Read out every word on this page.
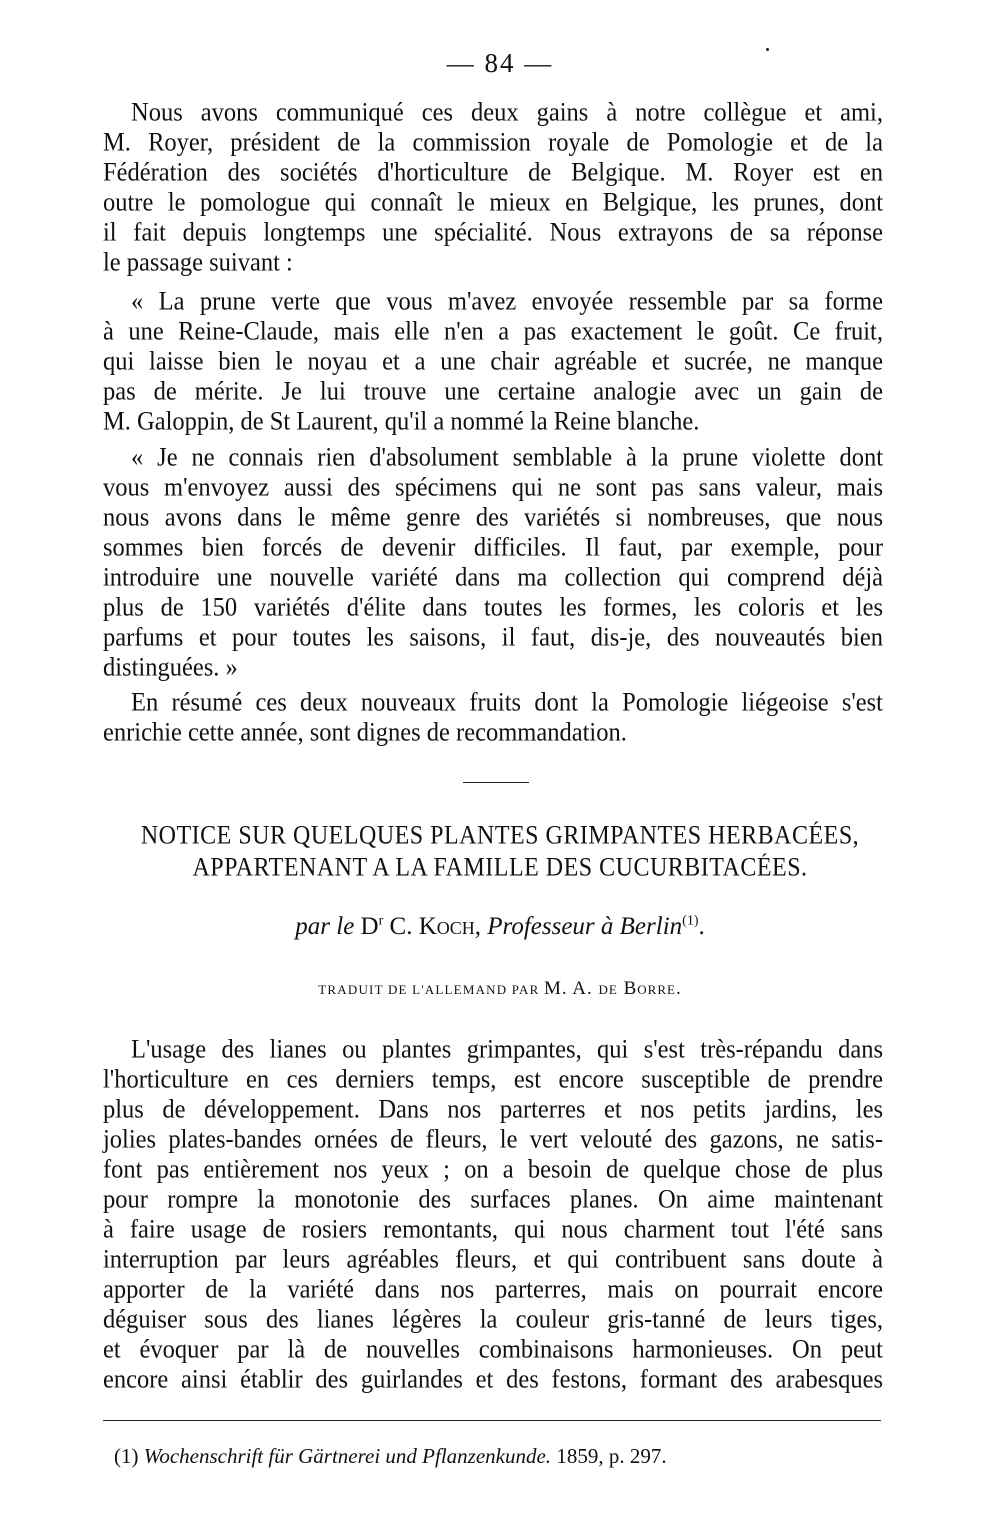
— 84 —
Nous avons communiqué ces deux gains à notre collègue et ami,
M. Royer, président de la commission royale de Pomologie et de la
Fédération des sociétés d'horticulture de Belgique. M. Royer est en
outre le pomologue qui connaît le mieux en Belgique, les prunes, dont
il fait depuis longtemps une spécialité. Nous extrayons de sa réponse
le passage suivant :
« La prune verte que vous m'avez envoyée ressemble par sa forme
à une Reine-Claude, mais elle n'en a pas exactement le goût. Ce fruit,
qui laisse bien le noyau et a une chair agréable et sucrée, ne manque
pas de mérite. Je lui trouve une certaine analogie avec un gain de
M. Galoppin, de St Laurent, qu'il a nommé la Reine blanche.
« Je ne connais rien d'absolument semblable à la prune violette dont
vous m'envoyez aussi des spécimens qui ne sont pas sans valeur, mais
nous avons dans le même genre des variétés si nombreuses, que nous
sommes bien forcés de devenir difficiles. Il faut, par exemple, pour
introduire une nouvelle variété dans ma collection qui comprend déjà
plus de 150 variétés d'élite dans toutes les formes, les coloris et les
parfums et pour toutes les saisons, il faut, dis-je, des nouveautés bien
distinguées. »
En résumé ces deux nouveaux fruits dont la Pomologie liégeoise s'est
enrichie cette année, sont dignes de recommandation.
NOTICE SUR QUELQUES PLANTES GRIMPANTES HERBACÉES,
APPARTENANT A LA FAMILLE DES CUCURBITACÉES.
par le $D^r$ C. Koch, Professeur à Berlin$^{(1)}$.
TRADUIT DE L'ALLEMAND PAR M. A. de Borre.
L'usage des lianes ou plantes grimpantes, qui s'est très-répandu dans
l'horticulture en ces derniers temps, est encore susceptible de prendre
plus de développement. Dans nos parterres et nos petits jardins, les
jolies plates-bandes ornées de fleurs, le vert velouté des gazons, ne satis-
font pas entièrement nos yeux ; on a besoin de quelque chose de plus
pour rompre la monotonie des surfaces planes. On aime maintenant
à faire usage de rosiers remontants, qui nous charment tout l'été sans
interruption par leurs agréables fleurs, et qui contribuent sans doute à
apporter de la variété dans nos parterres, mais on pourrait encore
déguiser sous des lianes légères la couleur gris-tanné de leurs tiges,
et évoquer par là de nouvelles combinaisons harmonieuses. On peut
encore ainsi établir des guirlandes et des festons, formant des arabesques
(1) Wochenschrift für Gärtnerei und Pflanzenkunde. 1859, p. 297.
